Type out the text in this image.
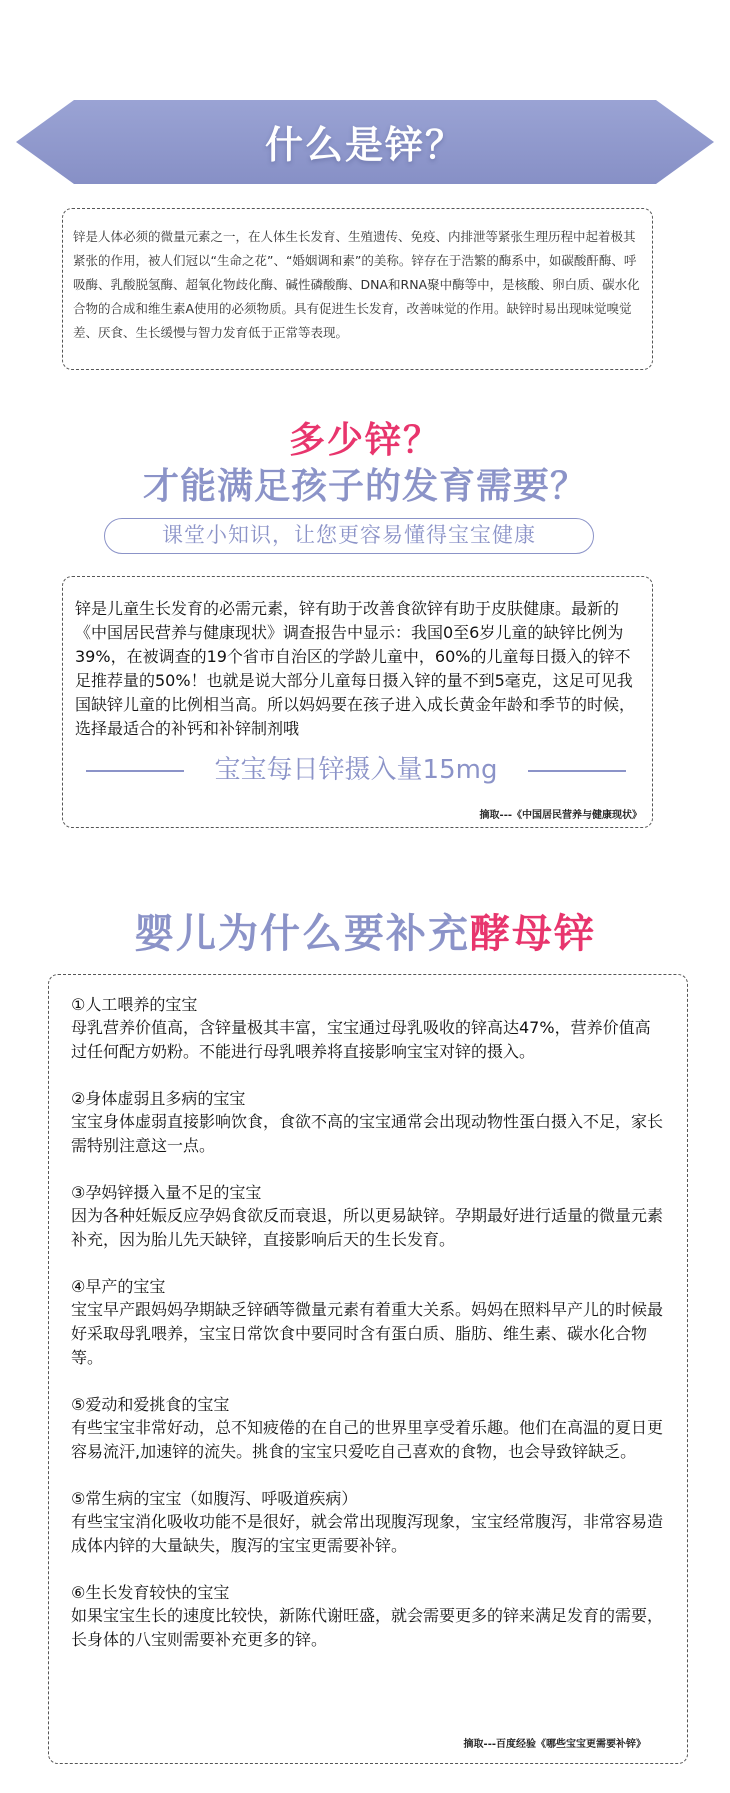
什么是锌？

锌是人体必须的微量元素之一，在人体生长发育、生殖遗传、免疫、内排泄等紧张生理历程中起着极其紧张的作用，被人们冠以“生命之花”、“婚姻调和素”的美称。锌存在于浩繁的酶系中，如碳酸酐酶、呼吸酶、乳酸脱氢酶、超氧化物歧化酶、碱性磷酸酶、DNA和RNA聚中酶等中，是核酸、卵白质、碳水化合物的合成和维生素A使用的必须物质。具有促进生长发育，改善味觉的作用。缺锌时易出现味觉嗅觉差、厌食、生长缓慢与智力发育低于正常等表现。

多少锌？
才能满足孩子的发育需要？
课堂小知识，让您更容易懂得宝宝健康

锌是儿童生长发育的必需元素，锌有助于改善食欲锌有助于皮肤健康。最新的《中国居民营养与健康现状》调查报告中显示：我国0至6岁儿童的缺锌比例为39%，在被调查的19个省市自治区的学龄儿童中，60%的儿童每日摄入的锌不足推荐量的50%！也就是说大部分儿童每日摄入锌的量不到5毫克，这足可见我国缺锌儿童的比例相当高。所以妈妈要在孩子进入成长黄金年龄和季节的时候，选择最适合的补钙和补锌制剂哦

宝宝每日锌摄入量15mg
摘取---《中国居民营养与健康现状》
婴儿为什么要补充酵母锌

①人工喂养的宝宝

母乳营养价值高，含锌量极其丰富，宝宝通过母乳吸收的锌高达47%，营养价值高过任何配方奶粉。不能进行母乳喂养将直接影响宝宝对锌的摄入。

②身体虚弱且多病的宝宝

宝宝身体虚弱直接影响饮食，食欲不高的宝宝通常会出现动物性蛋白摄入不足，家长需特别注意这一点。

③孕妈锌摄入量不足的宝宝

因为各种妊娠反应孕妈食欲反而衰退，所以更易缺锌。孕期最好进行适量的微量元素补充，因为胎儿先天缺锌，直接影响后天的生长发育。

④早产的宝宝

宝宝早产跟妈妈孕期缺乏锌硒等微量元素有着重大关系。妈妈在照料早产儿的时候最好采取母乳喂养，宝宝日常饮食中要同时含有蛋白质、脂肪、维生素、碳水化合物等。

⑤爱动和爱挑食的宝宝

有些宝宝非常好动，总不知疲倦的在自己的世界里享受着乐趣。他们在高温的夏日更容易流汗,加速锌的流失。挑食的宝宝只爱吃自己喜欢的食物，也会导致锌缺乏。

⑤常生病的宝宝（如腹泻、呼吸道疾病）

有些宝宝消化吸收功能不是很好，就会常出现腹泻现象，宝宝经常腹泻，非常容易造成体内锌的大量缺失，腹泻的宝宝更需要补锌。

⑥生长发育较快的宝宝

如果宝宝生长的速度比较快，新陈代谢旺盛，就会需要更多的锌来满足发育的需要，长身体的八宝则需要补充更多的锌。

摘取---百度经验《哪些宝宝更需要补锌》
